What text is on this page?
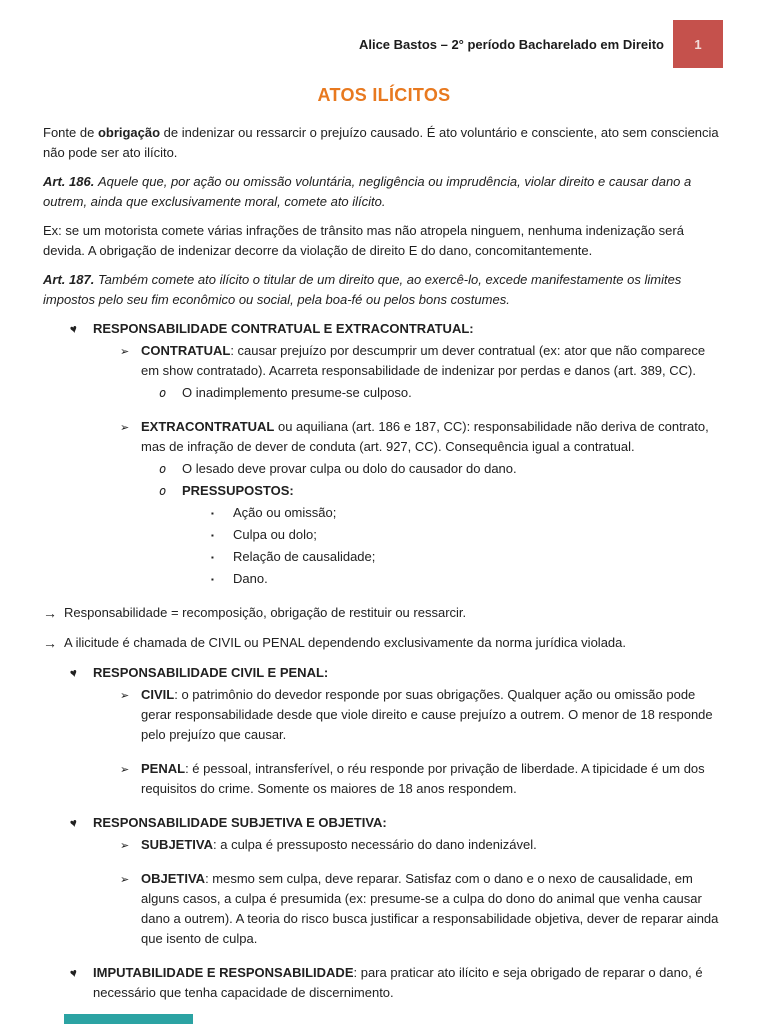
Alice Bastos – 2° período Bacharelado em Direito 1
ATOS ILÍCITOS
Fonte de obrigação de indenizar ou ressarcir o prejuízo causado. É ato voluntário e consciente, ato sem consciencia não pode ser ato ilícito.
Art. 186. Aquele que, por ação ou omissão voluntária, negligência ou imprudência, violar direito e causar dano a outrem, ainda que exclusivamente moral, comete ato ilícito.
Ex: se um motorista comete várias infrações de trânsito mas não atropela ninguem, nenhuma indenização será devida. A obrigação de indenizar decorre da violação de direito E do dano, concomitantemente.
Art. 187. Também comete ato ilícito o titular de um direito que, ao exercê-lo, excede manifestamente os limites impostos pelo seu fim econômico ou social, pela boa-fé ou pelos bons costumes.
♥ RESPONSABILIDADE CONTRATUAL E EXTRACONTRATUAL:
➢ CONTRATUAL: causar prejuízo por descumprir um dever contratual (ex: ator que não comparece em show contratado). Acarreta responsabilidade de indenizar por perdas e danos (art. 389, CC).
o O inadimplemento presume-se culposo.
➢ EXTRACONTRATUAL ou aquiliana (art. 186 e 187, CC): responsabilidade não deriva de contrato, mas de infração de dever de conduta (art. 927, CC). Consequência igual a contratual.
o O lesado deve provar culpa ou dolo do causador do dano.
o PRESSUPOSTOS:
▪ Ação ou omissão;
▪ Culpa ou dolo;
▪ Relação de causalidade;
▪ Dano.
→ Responsabilidade = recomposição, obrigação de restituir ou ressarcir.
→ A ilicitude é chamada de CIVIL ou PENAL dependendo exclusivamente da norma jurídica violada.
♥ RESPONSABILIDADE CIVIL E PENAL:
➢ CIVIL: o patrimônio do devedor responde por suas obrigações. Qualquer ação ou omissão pode gerar responsabilidade desde que viole direito e cause prejuízo a outrem. O menor de 18 responde pelo prejuízo que causar.
➢ PENAL: é pessoal, intransferível, o réu responde por privação de liberdade. A tipicidade é um dos requisitos do crime. Somente os maiores de 18 anos respondem.
♥ RESPONSABILIDADE SUBJETIVA E OBJETIVA:
➢ SUBJETIVA: a culpa é pressuposto necessário do dano indenizável.
➢ OBJETIVA: mesmo sem culpa, deve reparar. Satisfaz com o dano e o nexo de causalidade, em alguns casos, a culpa é presumida (ex: presume-se a culpa do dono do animal que venha causar dano a outrem). A teoria do risco busca justificar a responsabilidade objetiva, dever de reparar ainda que isento de culpa.
♥ IMPUTABILIDADE E RESPONSABILIDADE: para praticar ato ilícito e seja obrigado de reparar o dano, é necessário que tenha capacidade de discernimento.
